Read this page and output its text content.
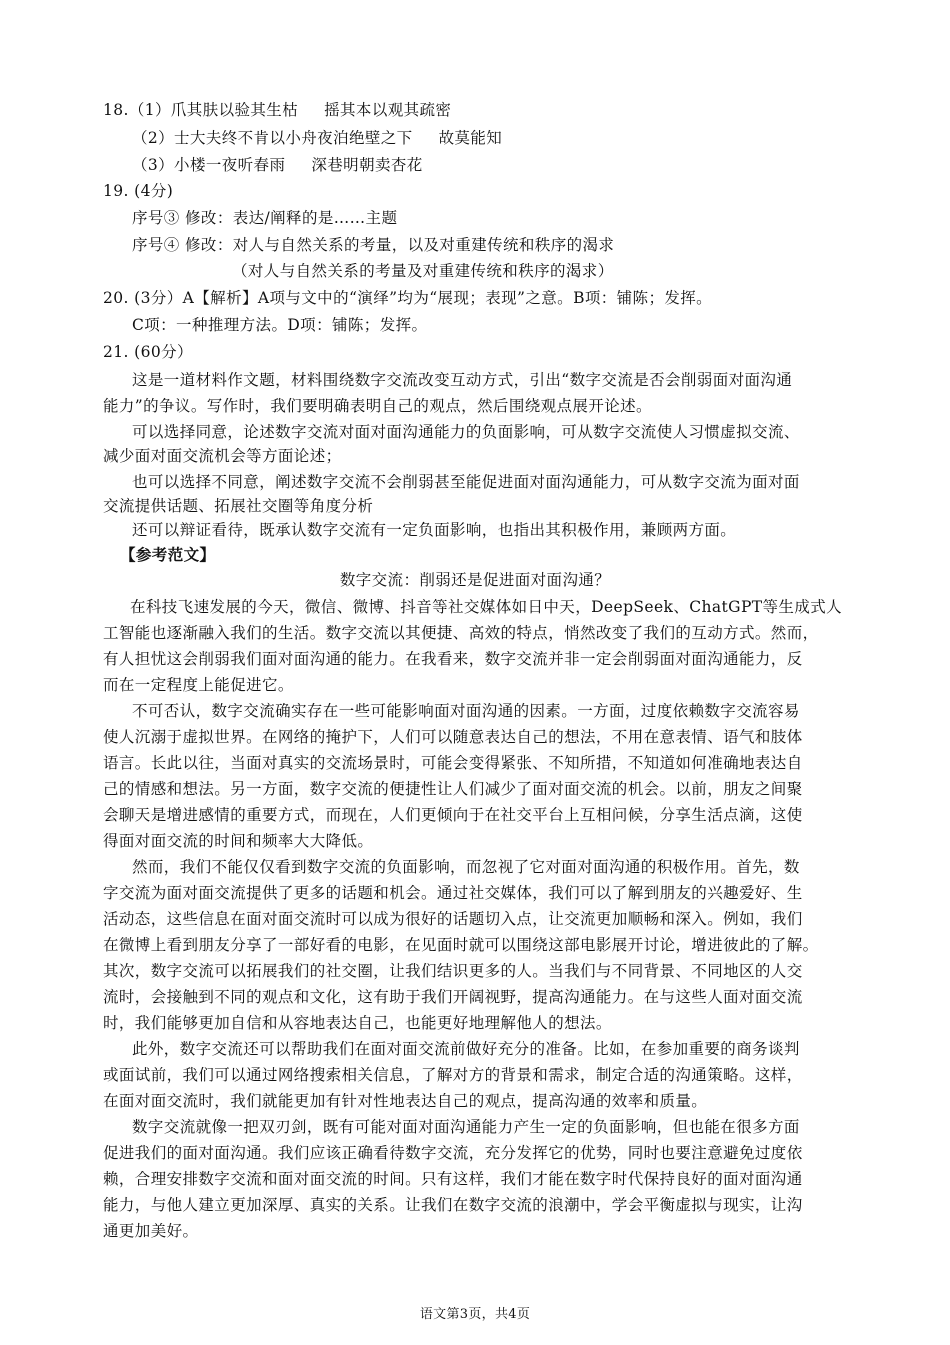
18.（1）爪其肤以验其生枯 摇其本以观其疏密
（2）士大夫终不肯以小舟夜泊绝壁之下 故莫能知
（3）小楼一夜听春雨 深巷明朝卖杏花
19. (4分)
序号③ 修改：表达/阐释的是……主题
序号④ 修改：对人与自然关系的考量，以及对重建传统和秩序的渴求
（对人与自然关系的考量及对重建传统和秩序的渴求）
20. (3分）A【解析】A项与文中的“演绎”均为“展现；表现”之意。B项：铺陈；发挥。
C项：一种推理方法。D项：铺陈；发挥。
21. (60分）
这是一道材料作文题，材料围绕数字交流改变互动方式，引出“数字交流是否会削弱面对面沟通
能力”的争议。写作时，我们要明确表明自己的观点，然后围绕观点展开论述。
可以选择同意，论述数字交流对面对面沟通能力的负面影响，可从数字交流使人习惯虚拟交流、
减少面对面交流机会等方面论述；
也可以选择不同意，阐述数字交流不会削弱甚至能促进面对面沟通能力，可从数字交流为面对面
交流提供话题、拓展社交圈等角度分析
还可以辩证看待，既承认数字交流有一定负面影响，也指出其积极作用，兼顾两方面。
【参考范文】
数字交流：削弱还是促进面对面沟通？
在科技飞速发展的今天，微信、微博、抖音等社交媒体如日中天，DeepSeek、ChatGPT等生成式人
工智能也逐渐融入我们的生活。数字交流以其便捷、高效的特点，悄然改变了我们的互动方式。然而，
有人担忧这会削弱我们面对面沟通的能力。在我看来，数字交流并非一定会削弱面对面沟通能力，反
而在一定程度上能促进它。
不可否认，数字交流确实存在一些可能影响面对面沟通的因素。一方面，过度依赖数字交流容易
使人沉溺于虚拟世界。在网络的掩护下，人们可以随意表达自己的想法，不用在意表情、语气和肢体
语言。长此以往，当面对真实的交流场景时，可能会变得紧张、不知所措，不知道如何准确地表达自
己的情感和想法。另一方面，数字交流的便捷性让人们减少了面对面交流的机会。以前，朋友之间聚
会聊天是增进感情的重要方式，而现在，人们更倾向于在社交平台上互相问候，分享生活点滴，这使
得面对面交流的时间和频率大大降低。
然而，我们不能仅仅看到数字交流的负面影响，而忽视了它对面对面沟通的积极作用。首先，数
字交流为面对面交流提供了更多的话题和机会。通过社交媒体，我们可以了解到朋友的兴趣爱好、生
活动态，这些信息在面对面交流时可以成为很好的话题切入点，让交流更加顺畅和深入。例如，我们
在微博上看到朋友分享了一部好看的电影，在见面时就可以围绕这部电影展开讨论，增进彼此的了解。
其次，数字交流可以拓展我们的社交圈，让我们结识更多的人。当我们与不同背景、不同地区的人交
流时，会接触到不同的观点和文化，这有助于我们开阔视野，提高沟通能力。在与这些人面对面交流
时，我们能够更加自信和从容地表达自己，也能更好地理解他人的想法。
此外，数字交流还可以帮助我们在面对面交流前做好充分的准备。比如，在参加重要的商务谈判
或面试前，我们可以通过网络搜索相关信息，了解对方的背景和需求，制定合适的沟通策略。这样，
在面对面交流时，我们就能更加有针对性地表达自己的观点，提高沟通的效率和质量。
数字交流就像一把双刃剑，既有可能对面对面沟通能力产生一定的负面影响，但也能在很多方面
促进我们的面对面沟通。我们应该正确看待数字交流，充分发挥它的优势，同时也要注意避免过度依
赖，合理安排数字交流和面对面交流的时间。只有这样，我们才能在数字时代保持良好的面对面沟通
能力，与他人建立更加深厚、真实的关系。让我们在数字交流的浪潮中，学会平衡虚拟与现实，让沟
通更加美好。
语文第3页，共4页
